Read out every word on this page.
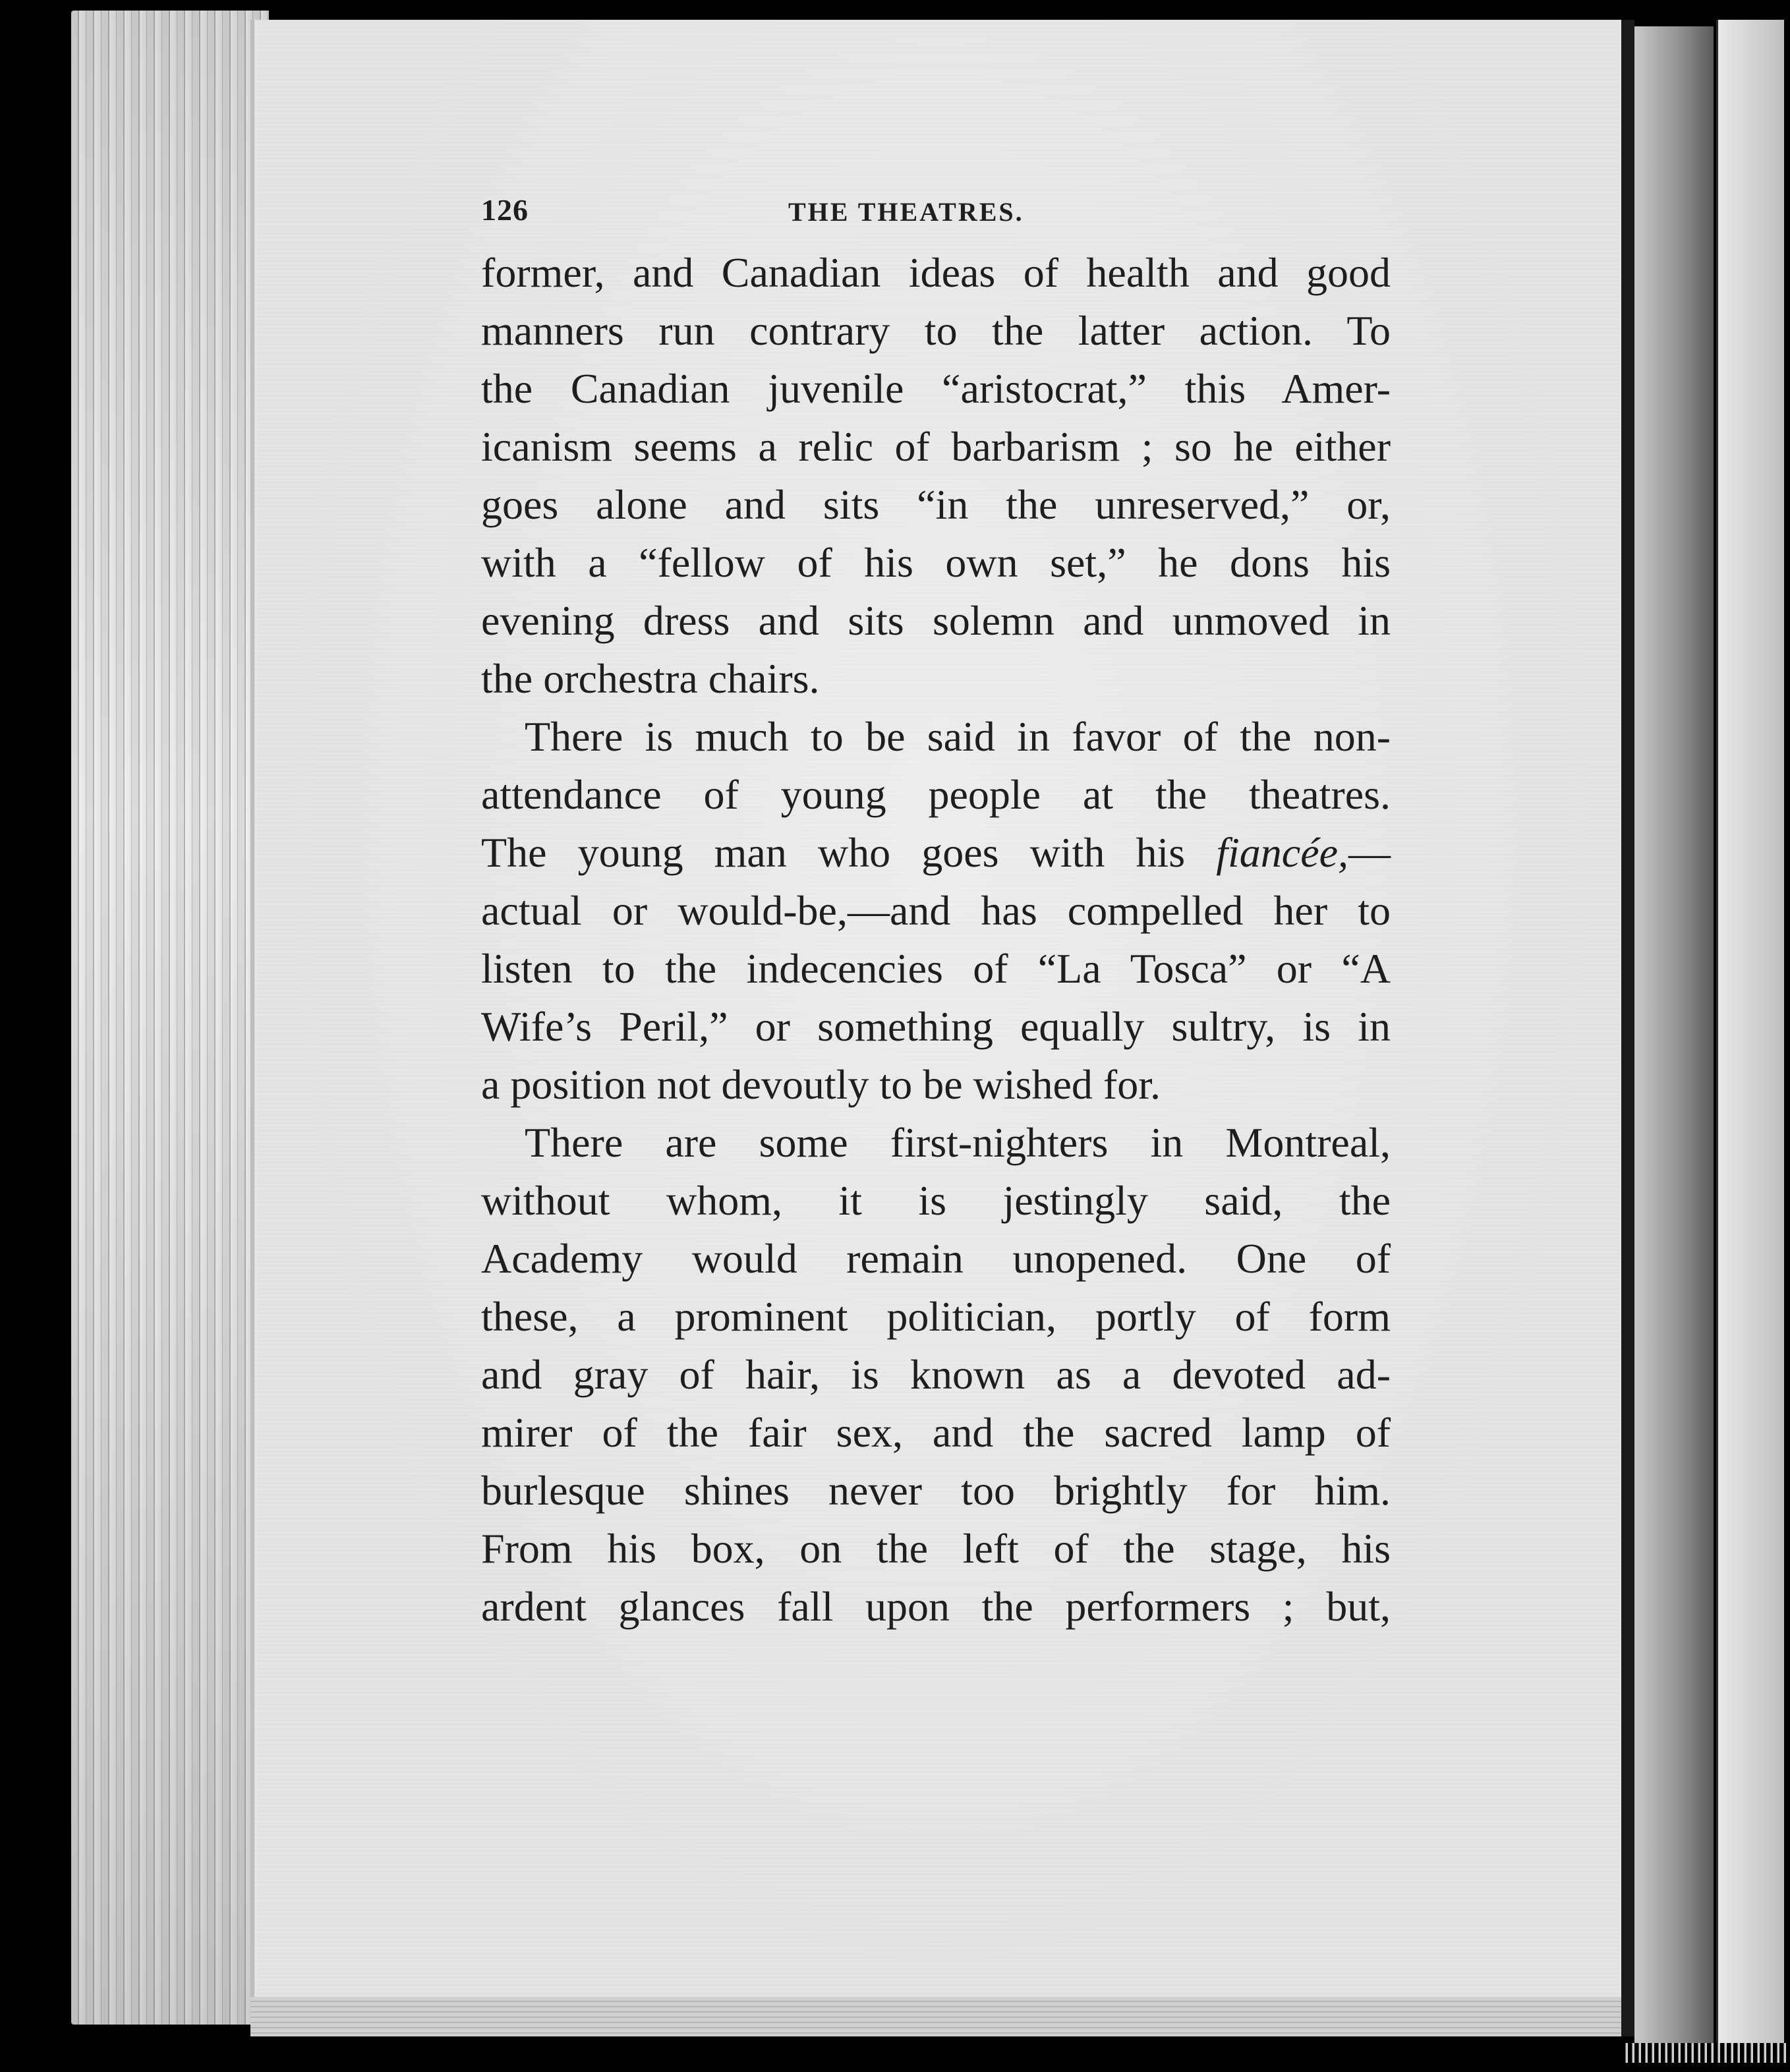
126	THE THEATRES.

former, and Canadian ideas of health and good
manners run contrary to the latter action. To
the Canadian juvenile “aristocrat,” this Amer-
icanism seems a relic of barbarism ; so he either
goes alone and sits “in the unreserved,” or,
with a “fellow of his own set,” he dons his
evening dress and sits solemn and unmoved in
the orchestra chairs.

There is much to be said in favor of the non-
attendance of young people at the theatres.
The young man who goes with his fiancée,—
actual or would-be,—and has compelled her to
listen to the indecencies of “La Tosca” or “A
Wife’s Peril,” or something equally sultry, is in
a position not devoutly to be wished for.

There are some first-nighters in Montreal,
without whom, it is jestingly said, the
Academy would remain unopened. One of
these, a prominent politician, portly of form
and gray of hair, is known as a devoted ad-
mirer of the fair sex, and the sacred lamp of
burlesque shines never too brightly for him.
From his box, on the left of the stage, his
ardent glances fall upon the performers ; but,
